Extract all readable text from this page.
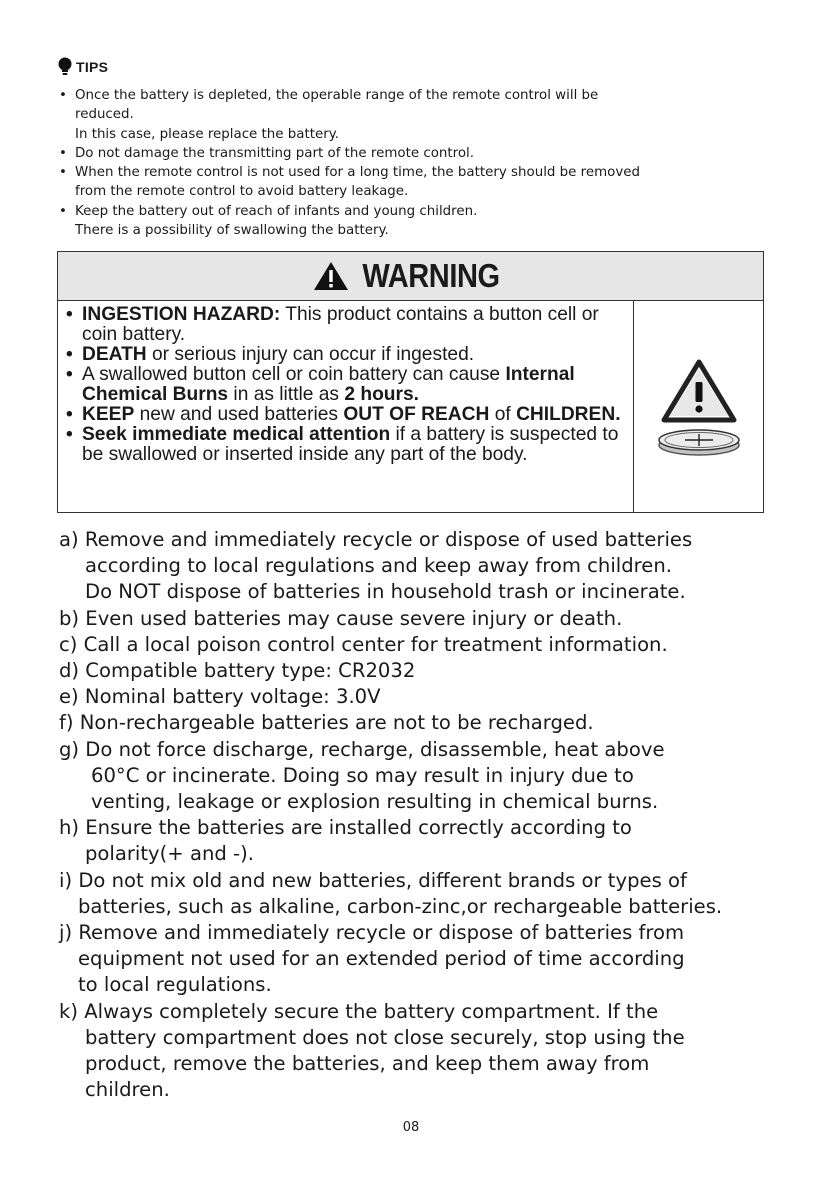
TIPS
• Once the battery is depleted, the operable range of the remote control will be
reduced.
In this case, please replace the battery.
• Do not damage the transmitting part of the remote control.
• When the remote control is not used for a long time, the battery should be removed
from the remote control to avoid battery leakage.
• Keep the battery out of reach of infants and young children.
There is a possibility of swallowing the battery.
WARNING
• INGESTION HAZARD: This product contains a button cell or coin battery.
• DEATH or serious injury can occur if ingested.
• A swallowed button cell or coin battery can cause Internal Chemical Burns in as little as 2 hours.
• KEEP new and used batteries OUT OF REACH of CHILDREN.
• Seek immediate medical attention if a battery is suspected to be swallowed or inserted inside any part of the body.
a) Remove and immediately recycle or dispose of used batteries
according to local regulations and keep away from children.
Do NOT dispose of batteries in household trash or incinerate.
b) Even used batteries may cause severe injury or death.
c) Call a local poison control center for treatment information.
d) Compatible battery type: CR2032
e) Nominal battery voltage: 3.0V
f) Non-rechargeable batteries are not to be recharged.
g) Do not force discharge, recharge, disassemble, heat above
60°C or incinerate. Doing so may result in injury due to
venting, leakage or explosion resulting in chemical burns.
h) Ensure the batteries are installed correctly according to
polarity(+ and -).
i) Do not mix old and new batteries, different brands or types of
batteries, such as alkaline, carbon-zinc,or rechargeable batteries.
j) Remove and immediately recycle or dispose of batteries from
equipment not used for an extended period of time according
to local regulations.
k) Always completely secure the battery compartment. If the
battery compartment does not close securely, stop using the
product, remove the batteries, and keep them away from
children.
08
